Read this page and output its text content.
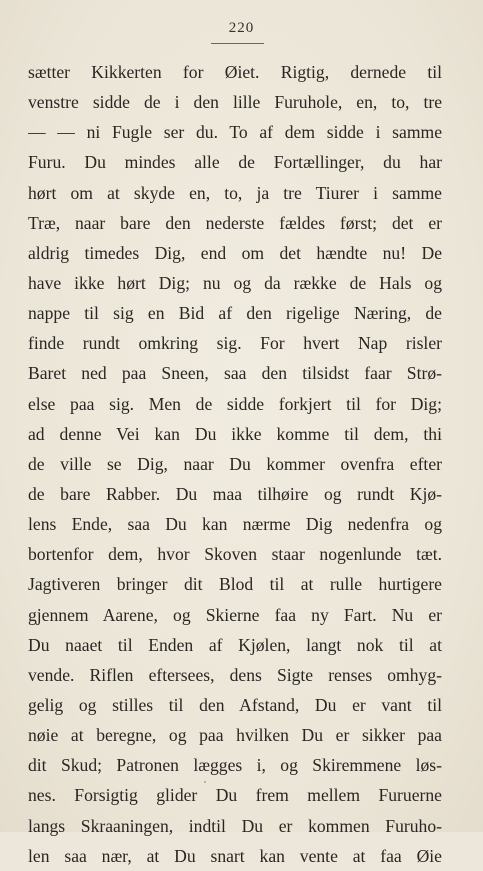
220
sætter Kikkerten for Øiet. Rigtig, dernede til
venstre sidde de i den lille Furuhole, en, to, tre
— — ni Fugle ser du. To af dem sidde i samme
Furu. Du mindes alle de Fortællinger, du har
hørt om at skyde en, to, ja tre Tiurer i samme
Træ, naar bare den nederste fældes først; det er
aldrig timedes Dig, end om det hændte nu! De
have ikke hørt Dig; nu og da række de Hals og
nappe til sig en Bid af den rigelige Næring, de
finde rundt omkring sig. For hvert Nap risler
Baret ned paa Sneen, saa den tilsidst faar Strø-
else paa sig. Men de sidde forkjert til for Dig;
ad denne Vei kan Du ikke komme til dem, thi
de ville se Dig, naar Du kommer ovenfra efter
de bare Rabber. Du maa tilhøire og rundt Kjø-
lens Ende, saa Du kan nærme Dig nedenfra og
bortenfor dem, hvor Skoven staar nogenlunde tæt.
Jagtiveren bringer dit Blod til at rulle hurtigere
gjennem Aarene, og Skierne faa ny Fart. Nu er
Du naaet til Enden af Kjølen, langt nok til at
vende. Riflen eftersees, dens Sigte renses omhyg-
gelig og stilles til den Afstand, Du er vant til
nøie at beregne, og paa hvilken Du er sikker paa
dit Skud; Patronen lægges i, og Skiremmene løs-
nes. Forsigtig glider Du frem mellem Furuerne
langs Skraaningen, indtil Du er kommen Furuho-
len saa nær, at Du snart kan vente at faa Øie
